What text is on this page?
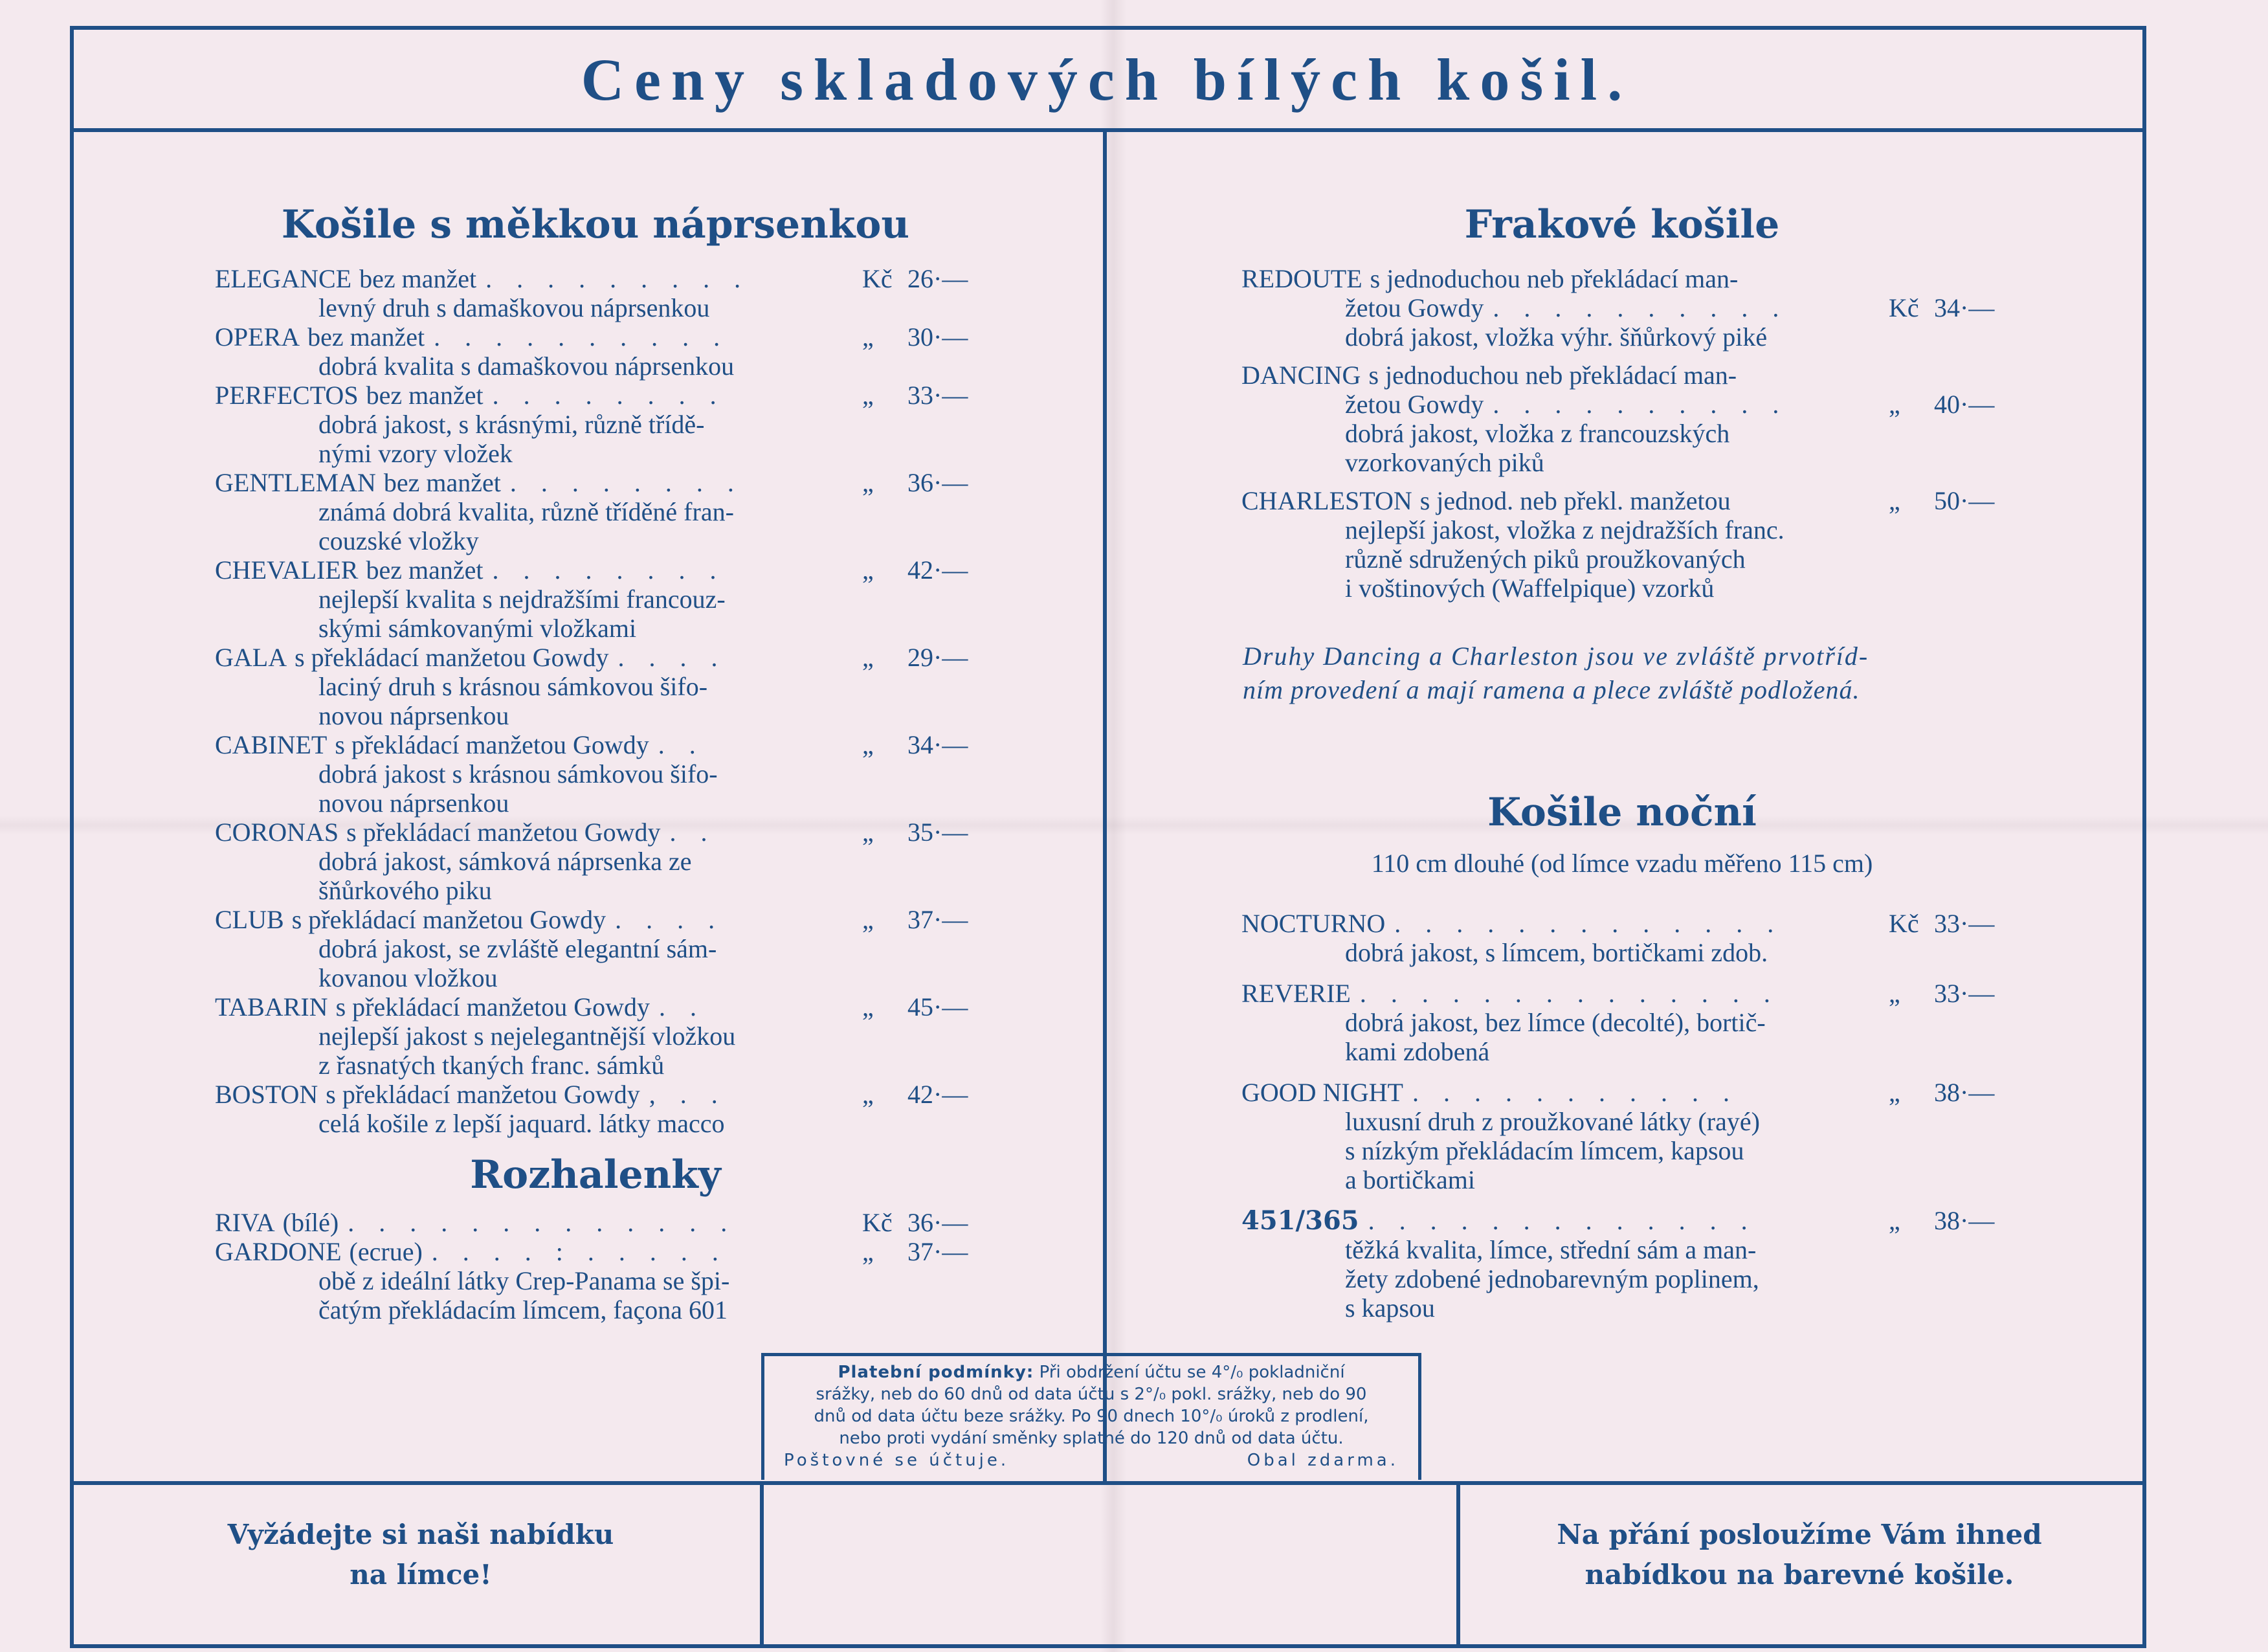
Ceny skladových bílých košil.
Košile s měkkou náprsenkou
ELEGANCE bez manžet . . . . . . . . .	Kč 26·—
levný druh s damaškovou náprsenkou
OPERA bez manžet . . . . . . . . . .	„ 30·—
dobrá kvalita s damaškovou náprsenkou
PERFECTOS bez manžet . . . . . . . .	„ 33·—
dobrá jakost, s krásnými, různě třídě-
nými vzory vložek
GENTLEMAN bez manžet . . . . . . . .	„ 36·—
známá dobrá kvalita, různě tříděné fran-
couzské vložky
CHEVALIER bez manžet . . . . . . . .	„ 42·—
nejlepší kvalita s nejdražšími francouz-
skými sámkovanými vložkami
GALA s překládací manžetou Gowdy . . . .	„ 29·—
laciný druh s krásnou sámkovou šifo-
novou náprsenkou
CABINET s překládací manžetou Gowdy . .	„ 34·—
dobrá jakost s krásnou sámkovou šifo-
novou náprsenkou
CORONAS s překládací manžetou Gowdy . .	„ 35·—
dobrá jakost, sámková náprsenka ze
šňůrkového piku
CLUB s překládací manžetou Gowdy . . . .	„ 37·—
dobrá jakost, se zvláště elegantní sám-
kovanou vložkou
TABARIN s překládací manžetou Gowdy . .	„ 45·—
nejlepší jakost s nejelegantnější vložkou
z řasnatých tkaných franc. sámků
BOSTON s překládací manžetou Gowdy , . .	„ 42·—
celá košile z lepší jaquard. látky macco
Rozhalenky
RIVA (bílé) . . . . . . . . . . . . .	Kč 36·—
GARDONE (ecrue) . . . . : . . . . .	„ 37·—
obě z ideální látky Crep-Panama se špi-
čatým překládacím límcem, façona 601
Frakové košile
REDOUTE s jednoduchou neb překládací man-
žetou Gowdy . . . . . . . . . .	Kč 34·—
dobrá jakost, vložka výhr. šňůrkový piké
DANCING s jednoduchou neb překládací man-
žetou Gowdy . . . . . . . . . .	„ 40·—
dobrá jakost, vložka z francouzských
vzorkovaných piků
CHARLESTON s jednod. neb překl. manžetou	„ 50·—
nejlepší jakost, vložka z nejdražších franc.
různě sdružených piků proužkovaných
i voštinových (Waffelpique) vzorků
Druhy Dancing a Charleston jsou ve zvláště prvotříd-
ním provedení a mají ramena a plece zvláště podložená.
Košile noční
110 cm dlouhé (od límce vzadu měřeno 115 cm)
NOCTURNO . . . . . . . . . . . . .	Kč 33·—
dobrá jakost, s límcem, bortičkami zdob.
REVERIE . . . . . . . . . . . . . .	„ 33·—
dobrá jakost, bez límce (decolté), bortič-
kami zdobená
GOOD NIGHT . . . . . . . . . . .	„ 38·—
luxusní druh z proužkované látky (rayé)
s nízkým překládacím límcem, kapsou
a bortičkami
451/365 . . . . . . . . . . . . .	„ 38·—
těžká kvalita, límce, střední sám a man-
žety zdobené jednobarevným poplinem,
s kapsou
Platební podmínky: Při obdržení účtu se 4°/₀ pokladniční
srážky, neb do 60 dnů od data účtu s 2°/₀ pokl. srážky, neb do 90
dnů od data účtu beze srážky. Po 90 dnech 10°/₀ úroků z prodlení,
nebo proti vydání směnky splatné do 120 dnů od data účtu.
Poštovné se účtuje.	Obal zdarma.
Vyžádejte si naši nabídku
na límce!
Na přání posloužíme Vám ihned
nabídkou na barevné košile.
